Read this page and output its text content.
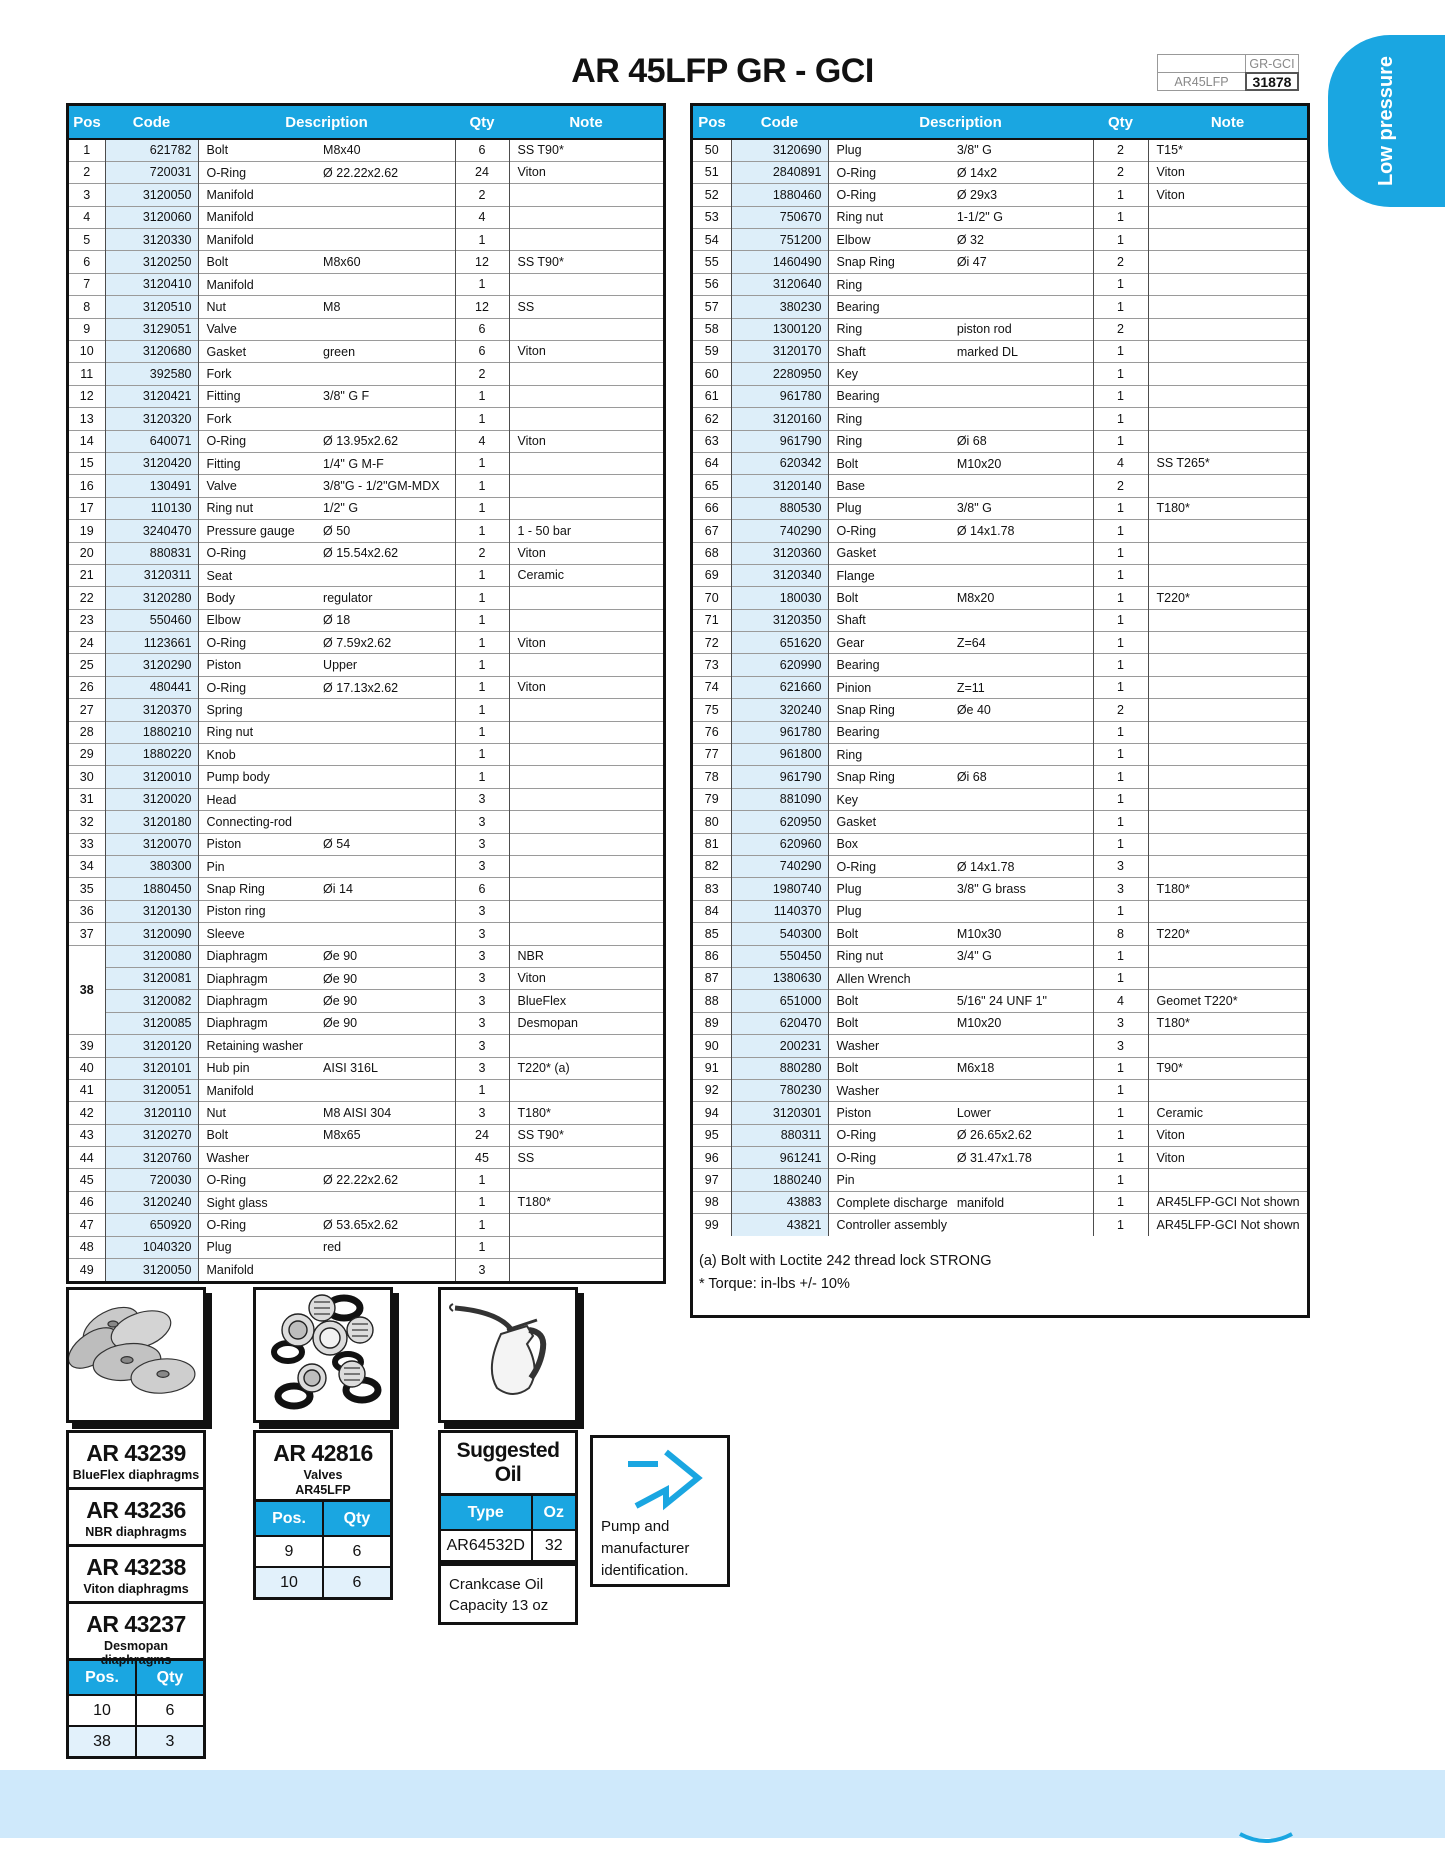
AR 45LFP GR - GCI	GR-GCI
AR45LFP	31878	Low pressure
Pos	Code	Description	Qty	Note
1	621782	Bolt M8x40	6	SS T90*
2	720031	O-Ring Ø 22.22x2.62	24	Viton
3	3120050	Manifold	2	
4	3120060	Manifold	4	
5	3120330	Manifold	1	
6	3120250	Bolt M8x60	12	SS T90*
7	3120410	Manifold	1	
8	3120510	Nut M8	12	SS
9	3129051	Valve	6	
10	3120680	Gasket green	6	Viton
11	392580	Fork	2	
12	3120421	Fitting 3/8" G F	1	
13	3120320	Fork	1	
14	640071	O-Ring Ø 13.95x2.62	4	Viton
15	3120420	Fitting 1/4" G M-F	1	
16	130491	Valve 3/8"G - 1/2"GM-MDX	1	
17	110130	Ring nut 1/2" G	1	
19	3240470	Pressure gauge Ø 50	1	1 - 50 bar
20	880831	O-Ring Ø 15.54x2.62	2	Viton
21	3120311	Seat	1	Ceramic
22	3120280	Body regulator	1	
23	550460	Elbow Ø 18	1	
24	1123661	O-Ring Ø 7.59x2.62	1	Viton
25	3120290	Piston Upper	1	
26	480441	O-Ring Ø 17.13x2.62	1	Viton
27	3120370	Spring	1	
28	1880210	Ring nut	1	
29	1880220	Knob	1	
30	3120010	Pump body	1	
31	3120020	Head	3	
32	3120180	Connecting-rod	3	
33	3120070	Piston Ø 54	3	
34	380300	Pin	3	
35	1880450	Snap Ring Øi 14	6	
36	3120130	Piston ring	3	
37	3120090	Sleeve	3	
38	3120080	Diaphragm Øe 90	3	NBR
	3120081	Diaphragm Øe 90	3	Viton
	3120082	Diaphragm Øe 90	3	BlueFlex
	3120085	Diaphragm Øe 90	3	Desmopan
39	3120120	Retaining washer	3	
40	3120101	Hub pin AISI 316L	3	T220* (a)
41	3120051	Manifold	1	
42	3120110	Nut M8 AISI 304	3	T180*
43	3120270	Bolt M8x65	24	SS T90*
44	3120760	Washer	45	SS
45	720030	O-Ring Ø 22.22x2.62	1	
46	3120240	Sight glass	1	T180*
47	650920	O-Ring Ø 53.65x2.62	1	
48	1040320	Plug red	1	
49	3120050	Manifold	3	
Pos	Code	Description	Qty	Note
50	3120690	Plug 3/8" G	2	T15*
51	2840891	O-Ring Ø 14x2	2	Viton
52	1880460	O-Ring Ø 29x3	1	Viton
53	750670	Ring nut 1-1/2" G	1	
54	751200	Elbow Ø 32	1	
55	1460490	Snap Ring Øi 47	2	
56	3120640	Ring	1	
57	380230	Bearing	1	
58	1300120	Ring piston rod	2	
59	3120170	Shaft marked DL	1	
60	2280950	Key	1	
61	961780	Bearing	1	
62	3120160	Ring	1	
63	961790	Ring Øi 68	1	
64	620342	Bolt M10x20	4	SS T265*
65	3120140	Base	2	
66	880530	Plug 3/8" G	1	T180*
67	740290	O-Ring Ø 14x1.78	1	
68	3120360	Gasket	1	
69	3120340	Flange	1	
70	180030	Bolt M8x20	1	T220*
71	3120350	Shaft	1	
72	651620	Gear Z=64	1	
73	620990	Bearing	1	
74	621660	Pinion Z=11	1	
75	320240	Snap Ring Øe 40	2	
76	961780	Bearing	1	
77	961800	Ring	1	
78	961790	Snap Ring Øi 68	1	
79	881090	Key	1	
80	620950	Gasket	1	
81	620960	Box	1	
82	740290	O-Ring Ø 14x1.78	3	
83	1980740	Plug 3/8" G brass	3	T180*
84	1140370	Plug	1	
85	540300	Bolt M10x30	8	T220*
86	550450	Ring nut 3/4" G	1	
87	1380630	Allen Wrench	1	
88	651000	Bolt 5/16" 24 UNF 1"	4	Geomet T220*
89	620470	Bolt M10x20	3	T180*
90	200231	Washer	3	
91	880280	Bolt M6x18	1	T90*
92	780230	Washer	1	
94	3120301	Piston Lower	1	Ceramic
95	880311	O-Ring Ø 26.65x2.62	1	Viton
96	961241	O-Ring Ø 31.47x1.78	1	Viton
97	1880240	Pin	1	
98	43883	Complete discharge manifold	1	AR45LFP-GCI Not shown
99	43821	Controller assembly	1	AR45LFP-GCI Not shown
(a) Bolt with Loctite 242 thread lock STRONG
* Torque: in-lbs +/- 10%
AR 43239
BlueFlex diaphragms
AR 43236
NBR diaphragms
AR 43238
Viton diaphragms
AR 43237
Desmopan diaphragms
Pos.	Qty
10	6
38	3
AR 42816
Valves
AR45LFP
Pos.	Qty
9	6
10	6
Suggested Oil
Type	Oz
AR64532D	32
Crankcase Oil
Capacity 13 oz
Pump and
manufacturer
identification.
